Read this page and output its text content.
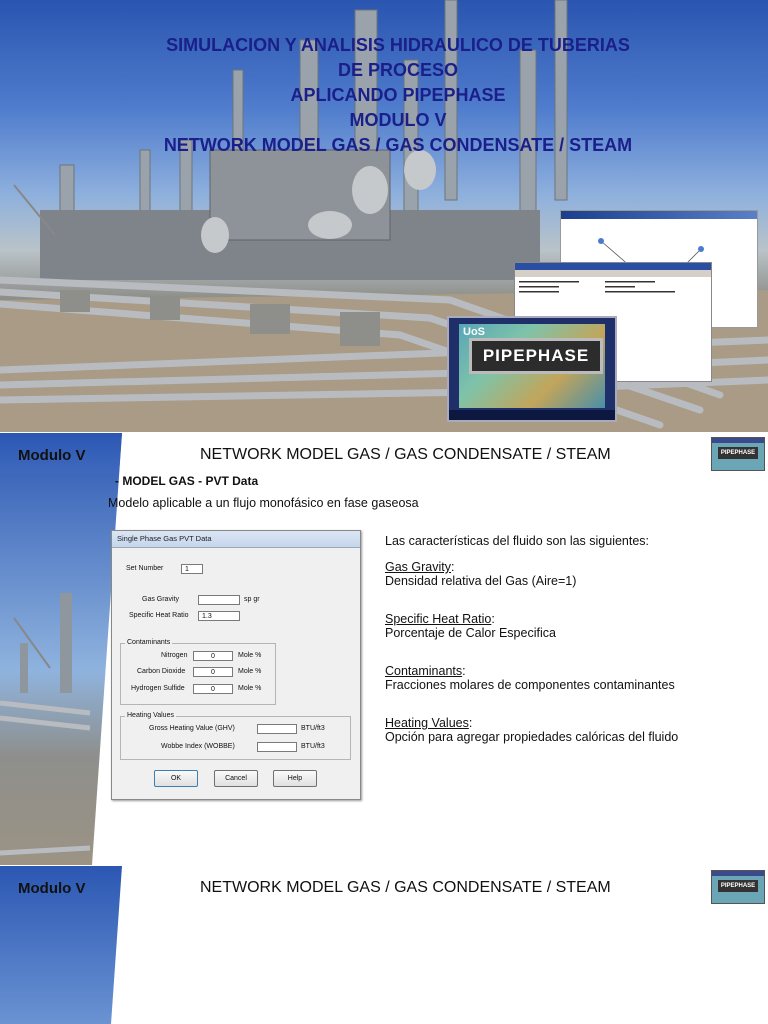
SIMULACION Y ANALISIS HIDRAULICO DE TUBERIAS
DE PROCESO
APLICANDO PIPEPHASE
MODULO V
NETWORK MODEL GAS / GAS CONDENSATE / STEAM
UoS
PIPEPHASE
Modulo V	NETWORK MODEL GAS / GAS CONDENSATE / STEAM	PIPEPHASE
- MODEL GAS - PVT Data
Modelo aplicable a un flujo monofásico en fase gaseosa
Single Phase Gas PVT Data
Set Number	1
Gas Gravity	sp gr
Specific Heat Ratio	1.3
Contaminants
Nitrogen	0	Mole %
Carbon Dioxide	0	Mole %
Hydrogen Sulfide	0	Mole %
Heating Values
Gross Heating Value (GHV)	BTU/ft3
Wobbe Index (WOBBE)	BTU/ft3
OK	Cancel	Help
Las características del fluido son las siguientes:
Gas Gravity:
Densidad relativa del Gas (Aire=1)
Specific Heat Ratio:
Porcentaje de Calor Especifica
Contaminants:
Fracciones molares de componentes contaminantes
Heating Values:
Opción para agregar propiedades calóricas del fluido
Modulo V	NETWORK MODEL GAS / GAS CONDENSATE / STEAM	PIPEPHASE
